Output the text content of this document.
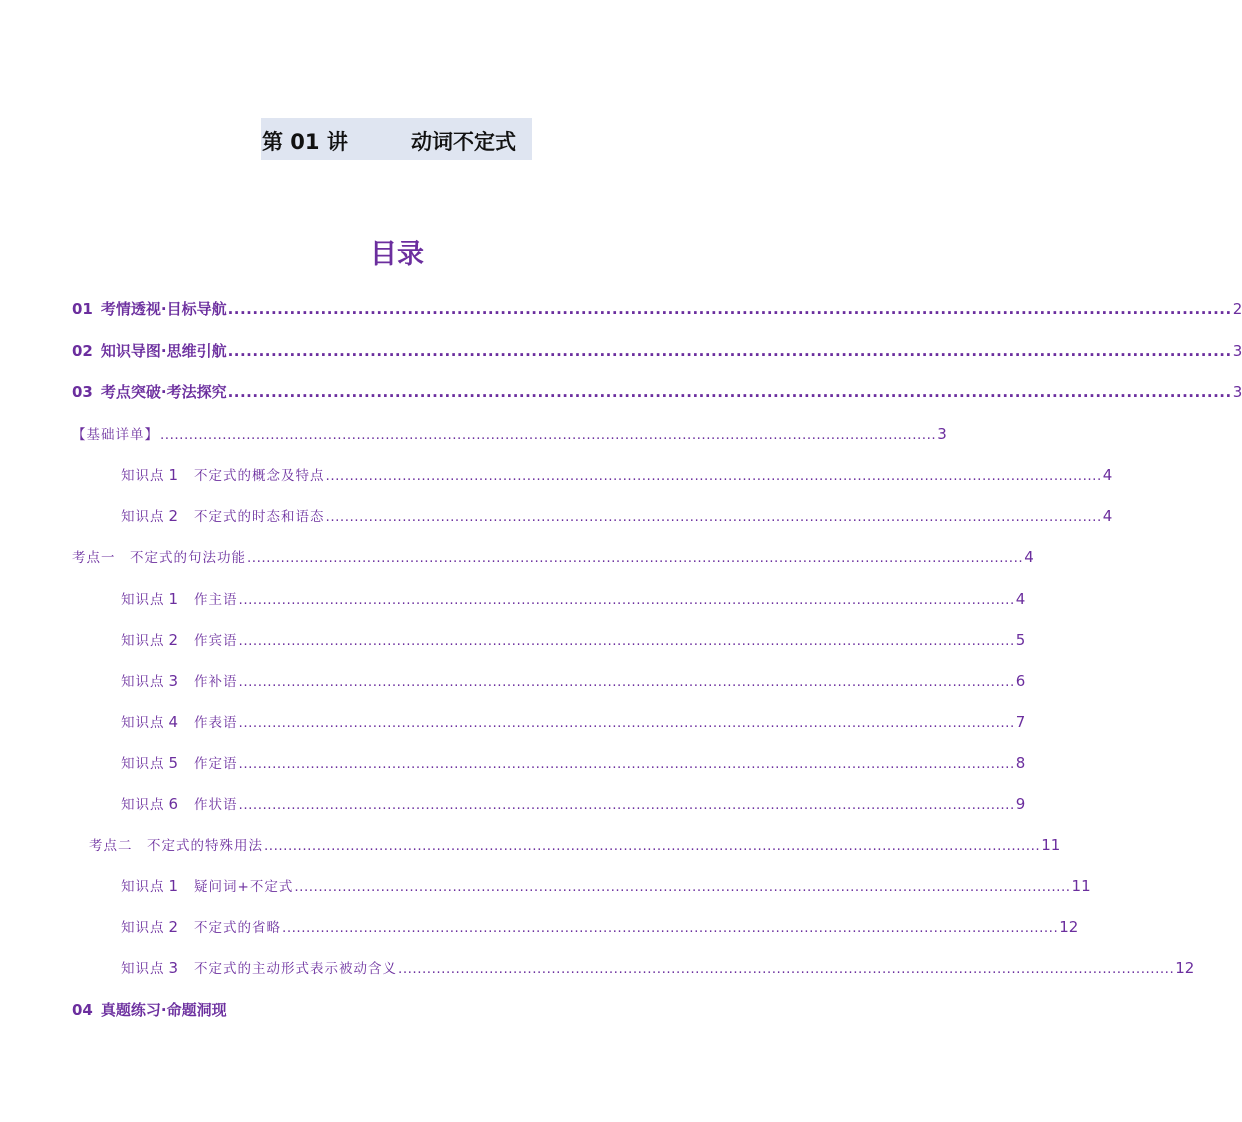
第 01 讲	动词不定式
目录
01 考情透视·目标导航 .................................................................................................................................................................. 2
02 知识导图·思维引航 .................................................................................................................................................................. 3
03 考点突破·考法探究 .................................................................................................................................................................. 3
【基础详单】 .................................................................................................................................................................. 3
知识点 1 不定式的概念及特点 .................................................................................................................................................................. 4
知识点 2 不定式的时态和语态 .................................................................................................................................................................. 4
考点一　不定式的句法功能 .................................................................................................................................................................. 4
知识点 1 作主语 .................................................................................................................................................................. 4
知识点 2 作宾语 .................................................................................................................................................................. 5
知识点 3 作补语 .................................................................................................................................................................. 6
知识点 4 作表语 .................................................................................................................................................................. 7
知识点 5 作定语 .................................................................................................................................................................. 8
知识点 6 作状语 .................................................................................................................................................................. 9
考点二　不定式的特殊用法 .................................................................................................................................................................. 11
知识点 1 疑问词+不定式 .................................................................................................................................................................. 11
知识点 2 不定式的省略 .................................................................................................................................................................. 12
知识点 3 不定式的主动形式表示被动含义 .................................................................................................................................................................. 12
04 真题练习·命题洞现
